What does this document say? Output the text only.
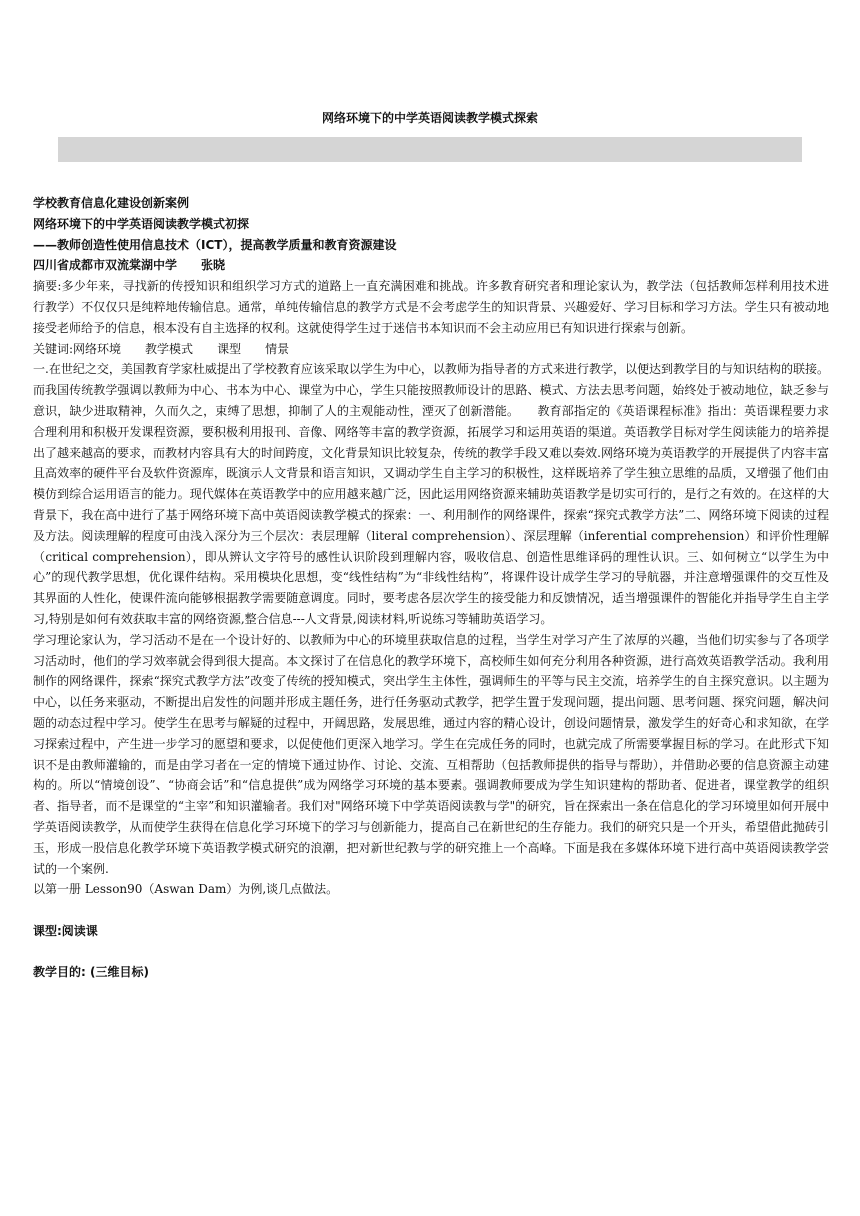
网络环境下的中学英语阅读教学模式探索

学校教育信息化建设创新案例

网络环境下的中学英语阅读教学模式初探

——教师创造性使用信息技术（ICT），提高教学质量和教育资源建设

四川省成都市双流棠湖中学 张晓

摘要:多少年来，寻找新的传授知识和组织学习方式的道路上一直充满困难和挑战。许多教育研究者和理论家认为，教学法（包括教师怎样利用技术进行教学）不仅仅只是纯粹地传输信息。通常，单纯传输信息的教学方式是不会考虑学生的知识背景、兴趣爱好、学习目标和学习方法。学生只有被动地接受老师给予的信息，根本没有自主选择的权利。这就使得学生过于迷信书本知识而不会主动应用已有知识进行探索与创新。

关键词:网络环境 教学模式 课型 情景

一.在世纪之交，美国教育学家杜威提出了学校教育应该采取以学生为中心，以教师为指导者的方式来进行教学，以便达到教学目的与知识结构的联接。而我国传统教学强调以教师为中心、书本为中心、课堂为中心，学生只能按照教师设计的思路、模式、方法去思考问题，始终处于被动地位，缺乏参与意识，缺少进取精神，久而久之，束缚了思想，抑制了人的主观能动性，湮灭了创新潜能。　　教育部指定的《英语课程标准》指出：英语课程要力求合理利用和积极开发课程资源，要积极利用报刊、音像、网络等丰富的教学资源，拓展学习和运用英语的渠道。英语教学目标对学生阅读能力的培养提出了越来越高的要求，而教材内容具有大的时间跨度，文化背景知识比较复杂，传统的教学手段又难以奏效.网络环境为英语教学的开展提供了内容丰富且高效率的硬件平台及软件资源库，既演示人文背景和语言知识，又调动学生自主学习的积极性，这样既培养了学生独立思维的品质，又增强了他们由模仿到综合运用语言的能力。现代媒体在英语教学中的应用越来越广泛，因此运用网络资源来辅助英语教学是切实可行的，是行之有效的。在这样的大背景下，我在高中进行了基于网络环境下高中英语阅读教学模式的探索：一、利用制作的网络课件，探索“探究式教学方法”二、网络环境下阅读的过程及方法。阅读理解的程度可由浅入深分为三个层次：表层理解（literal comprehension）、深层理解（inferential comprehension）和评价性理解（critical comprehension），即从辨认文字符号的感性认识阶段到理解内容，吸收信息、创造性思维译码的理性认识。三、如何树立“以学生为中心”的现代教学思想，优化课件结构。采用模块化思想，变“线性结构”为“非线性结构”，将课件设计成学生学习的导航器，并注意增强课件的交互性及其界面的人性化，使课件流向能够根据教学需要随意调度。同时，要考虑各层次学生的接受能力和反馈情况，适当增强课件的智能化并指导学生自主学习,特别是如何有效获取丰富的网络资源,整合信息---人文背景,阅读材料,听说练习等辅助英语学习。

学习理论家认为，学习活动不是在一个设计好的、以教师为中心的环境里获取信息的过程，当学生对学习产生了浓厚的兴趣，当他们切实参与了各项学习活动时，他们的学习效率就会得到很大提高。本文探讨了在信息化的教学环境下，高校师生如何充分利用各种资源，进行高效英语教学活动。我利用制作的网络课件，探索“探究式教学方法”改变了传统的授知模式，突出学生主体性，强调师生的平等与民主交流，培养学生的自主探究意识。以主题为中心，以任务来驱动，不断提出启发性的问题并形成主题任务，进行任务驱动式教学，把学生置于发现问题，提出问题、思考问题、探究问题，解决问题的动态过程中学习。使学生在思考与解疑的过程中，开阔思路，发展思维，通过内容的精心设计，创设问题情景，激发学生的好奇心和求知欲，在学习探索过程中，产生进一步学习的愿望和要求，以促使他们更深入地学习。学生在完成任务的同时，也就完成了所需要掌握目标的学习。在此形式下知识不是由教师灌输的，而是由学习者在一定的情境下通过协作、讨论、交流、互相帮助（包括教师提供的指导与帮助），并借助必要的信息资源主动建构的。所以“情境创设”、“协商会话”和“信息提供”成为网络学习环境的基本要素。强调教师要成为学生知识建构的帮助者、促进者，课堂教学的组织者、指导者，而不是课堂的“主宰”和知识灌输者。我们对"网络环境下中学英语阅读教与学"的研究，旨在探索出一条在信息化的学习环境里如何开展中学英语阅读教学，从而使学生获得在信息化学习环境下的学习与创新能力，提高自己在新世纪的生存能力。我们的研究只是一个开头，希望借此抛砖引玉，形成一股信息化教学环境下英语教学模式研究的浪潮，把对新世纪教与学的研究推上一个高峰。下面是我在多媒体环境下进行高中英语阅读教学尝试的一个案例.

以第一册 Lesson90（Aswan Dam）为例,谈几点做法。

课型:阅读课

教学目的: (三维目标)
